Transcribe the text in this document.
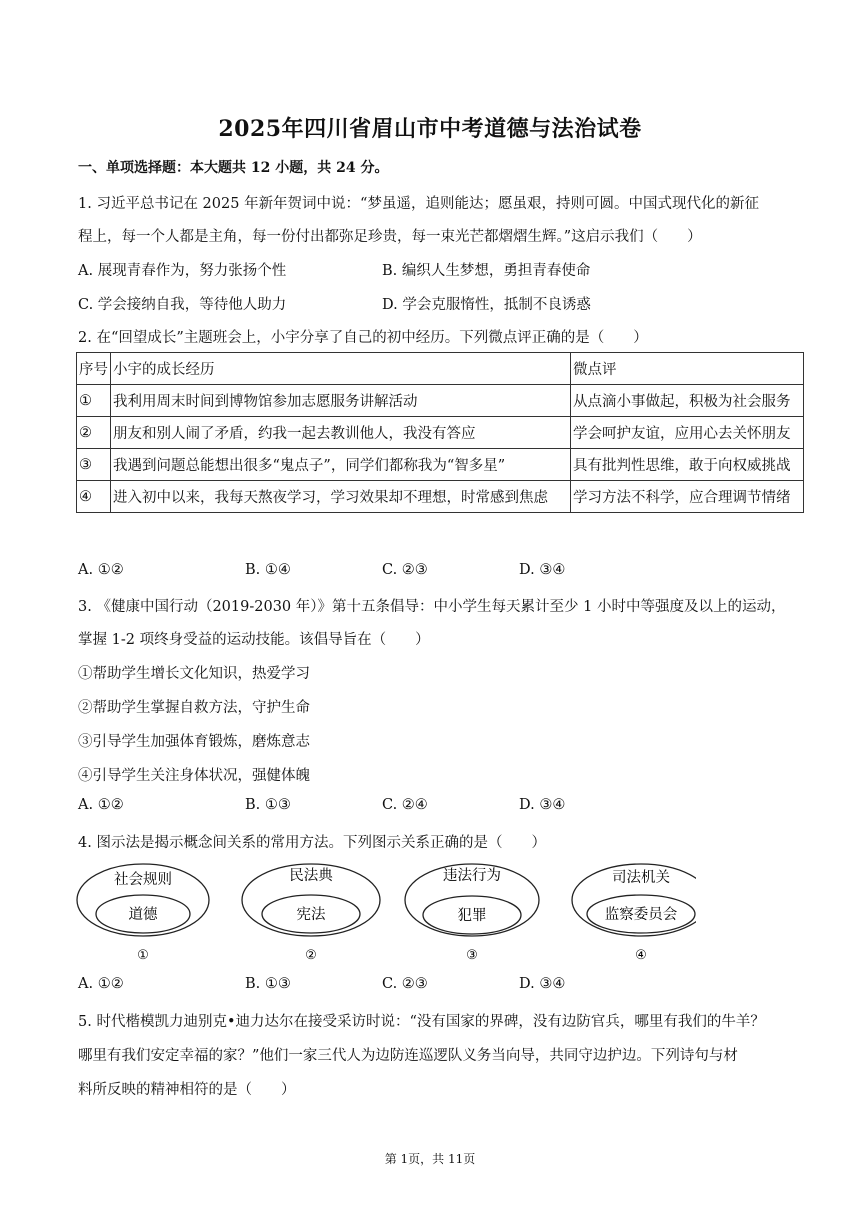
2025年四川省眉山市中考道德与法治试卷
一、单项选择题：本大题共 12 小题，共 24 分。
1. 习近平总书记在 2025 年新年贺词中说：“梦虽遥，追则能达；愿虽艰，持则可圆。中国式现代化的新征
程上，每一个人都是主角，每一份付出都弥足珍贵，每一束光芒都熠熠生辉。”这启示我们（　　）
A. 展现青春作为，努力张扬个性	B. 编织人生梦想，勇担青春使命
C. 学会接纳自我，等待他人助力	D. 学会克服惰性，抵制不良诱惑
2. 在“回望成长”主题班会上，小宇分享了自己的初中经历。下列微点评正确的是（　　）
序号	小宇的成长经历	微点评
①	我利用周末时间到博物馆参加志愿服务讲解活动	从点滴小事做起，积极为社会服务
②	朋友和别人闹了矛盾，约我一起去教训他人，我没有答应	学会呵护友谊，应用心去关怀朋友
③	我遇到问题总能想出很多“鬼点子”，同学们都称我为“智多星”	具有批判性思维，敢于向权威挑战
④	进入初中以来，我每天熬夜学习，学习效果却不理想，时常感到焦虑	学习方法不科学，应合理调节情绪
A. ①②	B. ①④	C. ②③	D. ③④
3. 《健康中国行动（2019-2030 年）》第十五条倡导：中小学生每天累计至少 1 小时中等强度及以上的运动，
掌握 1-2 项终身受益的运动技能。该倡导旨在（　　）
①帮助学生增长文化知识，热爱学习
②帮助学生掌握自救方法，守护生命
③引导学生加强体育锻炼，磨炼意志
④引导学生关注身体状况，强健体魄
A. ①②	B. ①③	C. ②④	D. ③④
4. 图示法是揭示概念间关系的常用方法。下列图示关系正确的是（　　）
社会规则
道德
①
民法典
宪法
②
违法行为
犯罪
③
司法机关
监察委员会
④
A. ①②	B. ①③	C. ②③	D. ③④
5. 时代楷模凯力迪别克•迪力达尔在接受采访时说：“没有国家的界碑，没有边防官兵，哪里有我们的牛羊？
哪里有我们安定幸福的家？”他们一家三代人为边防连巡逻队义务当向导，共同守边护边。下列诗句与材
料所反映的精神相符的是（　　）
第 1页，共 11页
